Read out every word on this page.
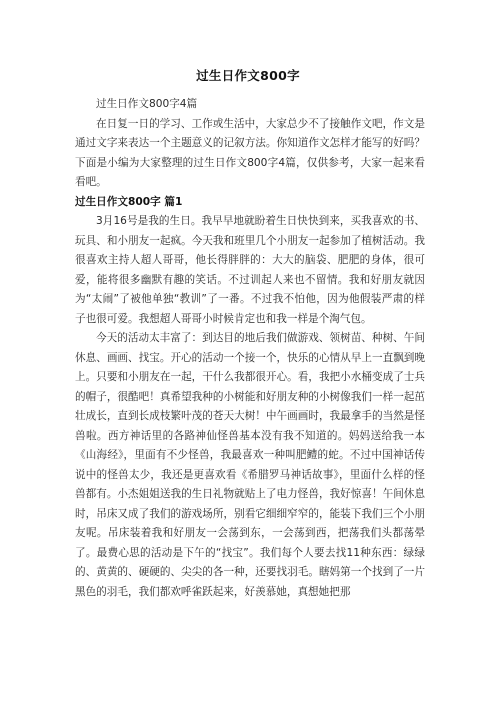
过生日作文800字

过生日作文800字4篇

在日复一日的学习、工作或生活中，大家总少不了接触作文吧，作文是通过文字来表达一个主题意义的记叙方法。你知道作文怎样才能写的好吗？下面是小编为大家整理的过生日作文800字4篇，仅供参考，大家一起来看看吧。

过生日作文800字 篇1

3月16号是我的生日。我早早地就盼着生日快快到来，买我喜欢的书、玩具、和小朋友一起疯。今天我和班里几个小朋友一起参加了植树活动。我很喜欢主持人超人哥哥，他长得胖胖的：大大的脑袋、肥肥的身体，很可爱，能将很多幽默有趣的笑话。不过训起人来也不留情。我和好朋友就因为“太闹”了被他单独“教训”了一番。不过我不怕他，因为他假装严肃的样子也很可爱。我想超人哥哥小时候肯定也和我一样是个淘气包。

今天的活动太丰富了：到达目的地后我们做游戏、领树苗、种树、午间休息、画画、找宝。开心的活动一个接一个，快乐的心情从早上一直飘到晚上。只要和小朋友在一起，干什么我都很开心。看，我把小水桶变成了士兵的帽子，很酷吧！真希望我种的小树能和好朋友种的小树像我们一样一起茁壮成长，直到长成枝繁叶茂的苍天大树！中午画画时，我最拿手的当然是怪兽啦。西方神话里的各路神仙怪兽基本没有我不知道的。妈妈送给我一本《山海经》，里面有不少怪兽，我最喜欢一种叫肥鳢的蛇。不过中国神话传说中的怪兽太少，我还是更喜欢看《希腊罗马神话故事》，里面什么样的怪兽都有。小杰姐姐送我的生日礼物就贴上了电力怪兽，我好惊喜！午间休息时，吊床又成了我们的游戏场所，别看它细细窄窄的，能装下我们三个小朋友呢。吊床装着我和好朋友一会荡到东，一会荡到西，把荡我们头都荡晕了。最费心思的活动是下午的“找宝”。我们每个人要去找11种东西：绿绿的、黄黄的、硬硬的、尖尖的各一种，还要找羽毛。瞎妈第一个找到了一片黑色的羽毛，我们都欢呼雀跃起来，好羡慕她，真想她把那
